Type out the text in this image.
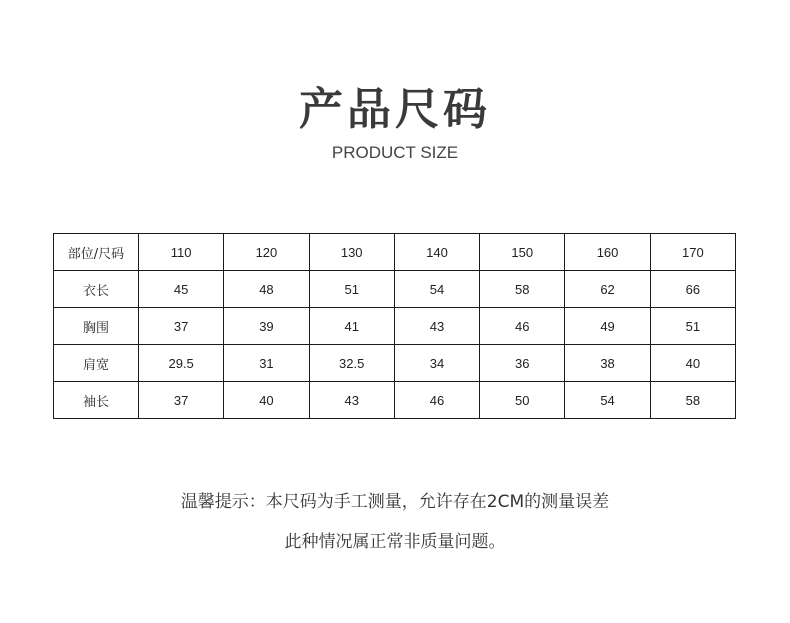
产品尺码
PRODUCT SIZE
部位/尺码	110	120	130	140	150	160	170
衣长	45	48	51	54	58	62	66
胸围	37	39	41	43	46	49	51
肩宽	29.5	31	32.5	34	36	38	40
袖长	37	40	43	46	50	54	58
温馨提示：本尺码为手工测量，允许存在2CM的测量误差
此种情况属正常非质量问题。
